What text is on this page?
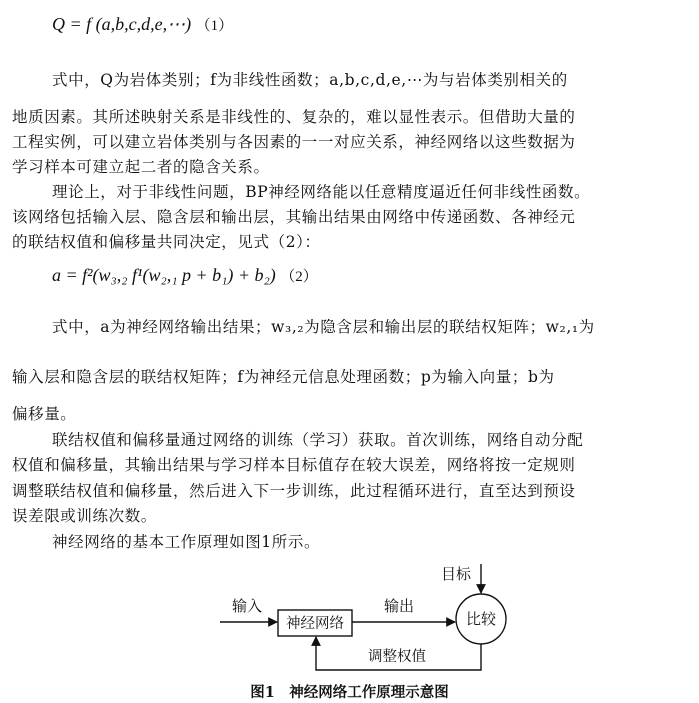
Q = f (a,b,c,d,e,⋯) （1）
式中，Q为岩体类别；f为非线性函数；a,b,c,d,e,⋯为与岩体类别相关的
地质因素。其所述映射关系是非线性的、复杂的，难以显性表示。但借助大量的
工程实例，可以建立岩体类别与各因素的一一对应关系，神经网络以这些数据为
学习样本可建立起二者的隐含关系。
理论上，对于非线性问题，BP神经网络能以任意精度逼近任何非线性函数。
该网络包括输入层、隐含层和输出层，其输出结果由网络中传递函数、各神经元
的联结权值和偏移量共同决定，见式（2）：
a = f²(w₃,₂ f¹(w₂,₁ p + b₁) + b₂) （2）
式中，a为神经网络输出结果；w₃,₂为隐含层和输出层的联结权矩阵；w₂,₁为
输入层和隐含层的联结权矩阵；f为神经元信息处理函数；p为输入向量；b为
偏移量。
联结权值和偏移量通过网络的训练（学习）获取。首次训练，网络自动分配
权值和偏移量，其输出结果与学习样本目标值存在较大误差，网络将按一定规则
调整联结权值和偏移量，然后进入下一步训练，此过程循环进行，直至达到预设
误差限或训练次数。
神经网络的基本工作原理如图1所示。
目标
输入
神经网络
输出
比较
调整权值
图1　神经网络工作原理示意图
